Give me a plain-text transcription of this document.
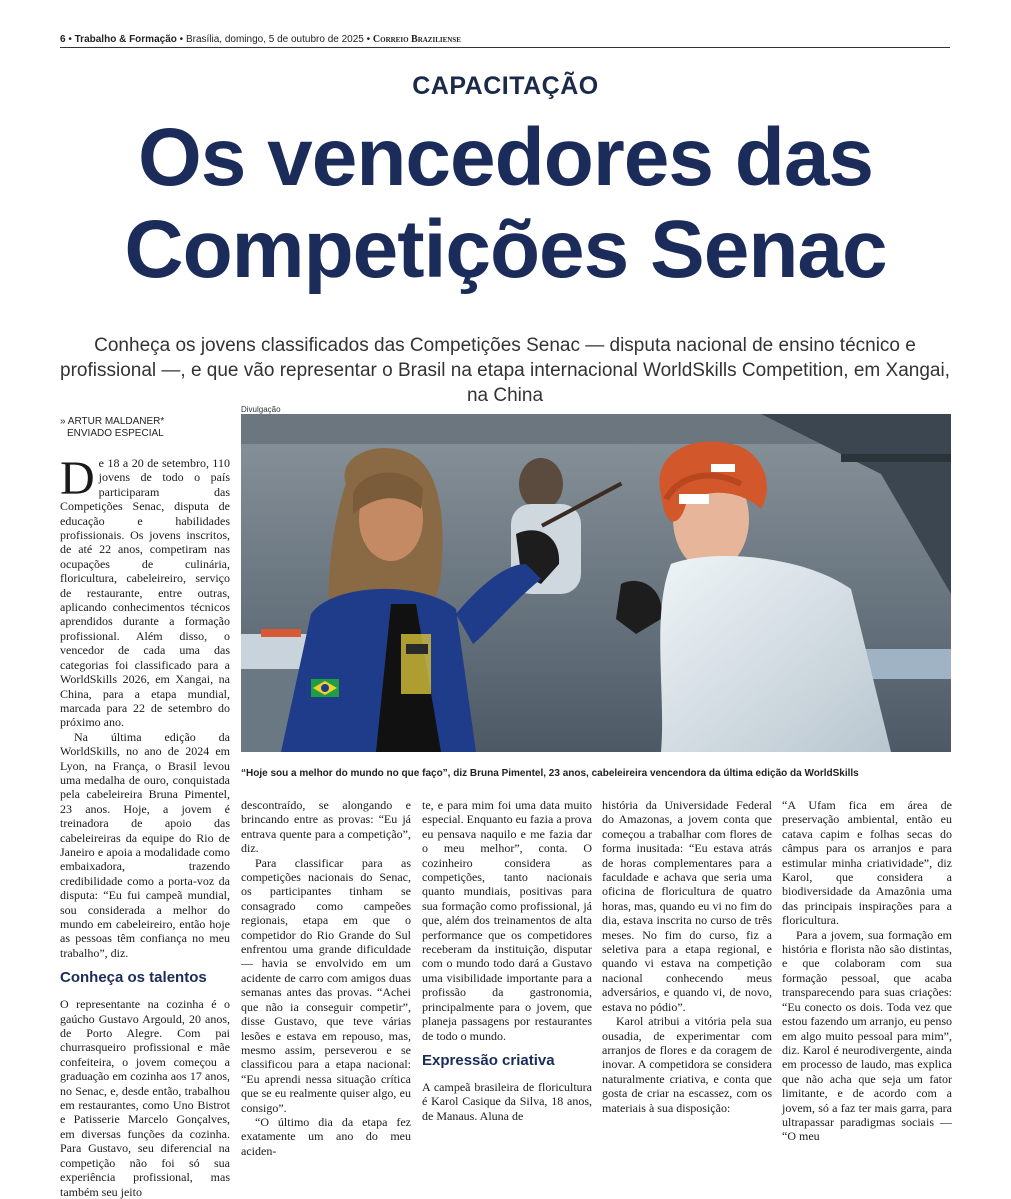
6 • Trabalho & Formação • Brasília, domingo, 5 de outubro de 2025 • Correio Braziliense
CAPACITAÇÃO
Os vencedores das
Competições Senac
Conheça os jovens classificados das Competições Senac — disputa nacional de ensino técnico e profissional —, e que vão representar o Brasil na etapa internacional WorldSkills Competition, em Xangai, na China
Divulgação
“Hoje sou a melhor do mundo no que faço”, diz Bruna Pimentel, 23 anos, cabeleireira vencendora da última edição da WorldSkills
» ARTUR MALDANER*
ENVIADO ESPECIAL

De 18 a 20 de setembro, 110 jovens de todo o país participaram das Competições Senac, disputa de educação e habilidades profissionais. Os jovens inscritos, de até 22 anos, competiram nas ocupações de culinária, floricultura, cabeleireiro, serviço de restaurante, entre outras, aplicando conhecimentos técnicos aprendidos durante a formação profissional. Além disso, o vencedor de cada uma das categorias foi classificado para a WorldSkills 2026, em Xangai, na China, para a etapa mundial, marcada para 22 de setembro do próximo ano.

Na última edição da WorldSkills, no ano de 2024 em Lyon, na França, o Brasil levou uma medalha de ouro, conquistada pela cabeleireira Bruna Pimentel, 23 anos. Hoje, a jovem é treinadora de apoio das cabeleireiras da equipe do Rio de Janeiro e apoia a modalidade como embaixadora, trazendo credibilidade como a porta-voz da disputa: “Eu fui campeã mundial, sou considerada a melhor do mundo em cabeleireiro, então hoje as pessoas têm confiança no meu trabalho”, diz.

Conheça os talentos

O representante na cozinha é o gaúcho Gustavo Argould, 20 anos, de Porto Alegre. Com pai churrasqueiro profissional e mãe confeiteira, o jovem começou a graduação em cozinha aos 17 anos, no Senac, e, desde então, trabalhou em restaurantes, como Uno Bistrot e Patisserie Marcelo Gonçalves, em diversas funções da cozinha. Para Gustavo, seu diferencial na competição não foi só sua experiência profissional, mas também seu jeito

descontraído, se alongando e brincando entre as provas: “Eu já entrava quente para a competição”, diz.

Para classificar para as competições nacionais do Senac, os participantes tinham se consagrado como campeões regionais, etapa em que o competidor do Rio Grande do Sul enfrentou uma grande dificuldade — havia se envolvido em um acidente de carro com amigos duas semanas antes das provas. “Achei que não ia conseguir competir”, disse Gustavo, que teve várias lesões e estava em repouso, mas, mesmo assim, perseverou e se classificou para a etapa nacional: “Eu aprendi nessa situação crítica que se eu realmente quiser algo, eu consigo”.

“O último dia da etapa fez exatamente um ano do meu aciden-

te, e para mim foi uma data muito especial. Enquanto eu fazia a prova eu pensava naquilo e me fazia dar o meu melhor”, conta. O cozinheiro considera as competições, tanto nacionais quanto mundiais, positivas para sua formação como profissional, já que, além dos treinamentos de alta performance que os competidores receberam da instituição, disputar com o mundo todo dará a Gustavo uma visibilidade importante para a profissão da gastronomia, principalmente para o jovem, que planeja passagens por restaurantes de todo o mundo.

Expressão criativa

A campeã brasileira de floricultura é Karol Casique da Silva, 18 anos, de Manaus. Aluna de

história da Universidade Federal do Amazonas, a jovem conta que começou a trabalhar com flores de forma inusitada: “Eu estava atrás de horas complementares para a faculdade e achava que seria uma oficina de floricultura de quatro horas, mas, quando eu vi no fim do dia, estava inscrita no curso de três meses. No fim do curso, fiz a seletiva para a etapa regional, e quando vi estava na competição nacional conhecendo meus adversários, e quando vi, de novo, estava no pódio”.

Karol atribui a vitória pela sua ousadia, de experimentar com arranjos de flores e da coragem de inovar. A competidora se considera naturalmente criativa, e conta que gosta de criar na escassez, com os materiais à sua disposição:

“A Ufam fica em área de preservação ambiental, então eu catava capim e folhas secas do câmpus para os arranjos e para estimular minha criatividade”, diz Karol, que considera a biodiversidade da Amazônia uma das principais inspirações para a floricultura.

Para a jovem, sua formação em história e florista não são distintas, e que colaboram com sua formação pessoal, que acaba transparecendo para suas criações: “Eu conecto os dois. Toda vez que estou fazendo um arranjo, eu penso em algo muito pessoal para mim”, diz. Karol é neurodivergente, ainda em processo de laudo, mas explica que não acha que seja um fator limitante, e de acordo com a jovem, só a faz ter mais garra, para ultrapassar paradigmas sociais — “O meu
